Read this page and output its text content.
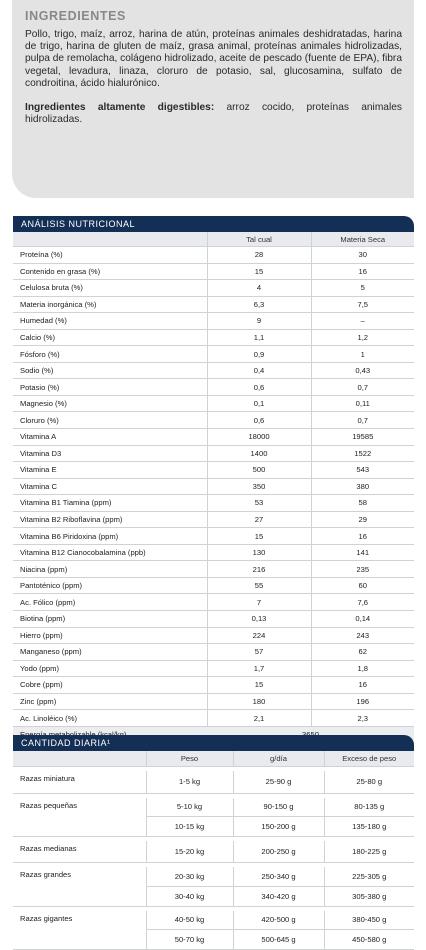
INGREDIENTES

Pollo, trigo, maíz, arroz, harina de atún, proteínas animales deshidratadas, harina de trigo, harina de gluten de maíz, grasa animal, proteínas animales hidrolizadas, pulpa de remolacha, colágeno hidrolizado, aceite de pescado (fuente de EPA), fibra vegetal, levadura, linaza, cloruro de potasio, sal, glucosamina, sulfato de condroitina, ácido hialurónico.

Ingredientes altamente digestibles: arroz cocido, proteínas animales hidrolizadas.

ANÁLISIS NUTRICIONAL
	Tal cual	Materia Seca
Proteína (%)	28	30
Contenido en grasa (%)	15	16
Celulosa bruta (%)	4	5
Materia inorgánica (%)	6,3	7,5
Humedad (%)	9	–
Calcio (%)	1,1	1,2
Fósforo (%)	0,9	1
Sodio (%)	0,4	0,43
Potasio (%)	0,6	0,7
Magnesio (%)	0,1	0,11
Cloruro (%)	0,6	0,7
Vitamina A	18000	19585
Vitamina D3	1400	1522
Vitamina E	500	543
Vitamina C	350	380
Vitamina B1 Tiamina (ppm)	53	58
Vitamina B2 Riboflavina (ppm)	27	29
Vitamina B6 Piridoxina (ppm)	15	16
Vitamina B12 Cianocobalamina (ppb)	130	141
Niacina (ppm)	216	235
Pantoténico (ppm)	55	60
Ac. Fólico (ppm)	7	7,6
Biotina (ppm)	0,13	0,14
Hierro (ppm)	224	243
Manganeso (ppm)	57	62
Yodo (ppm)	1,7	1,8
Cobre (ppm)	15	16
Zinc (ppm)	180	196
Ac. Linoléico (%)	2,1	2,3

CANTIDAD DIARIA¹
	Peso	g/día	Exceso de peso

Razas miniatura	1-5 kg	25-90 g	25-80 g

Razas pequeñas	5-10 kg	90-150 g	80-135 g
	10-15 kg	150-200 g	135-180 g

Razas medianas	15-20 kg	200-250 g	180-225 g

Razas grandes	20-30 kg	250-340 g	225-305 g
	30-40 kg	340-420 g	305-380 g

Razas gigantes	40-50 kg	420-500 g	380-450 g
	50-70 kg	500-645 g	450-580 g
